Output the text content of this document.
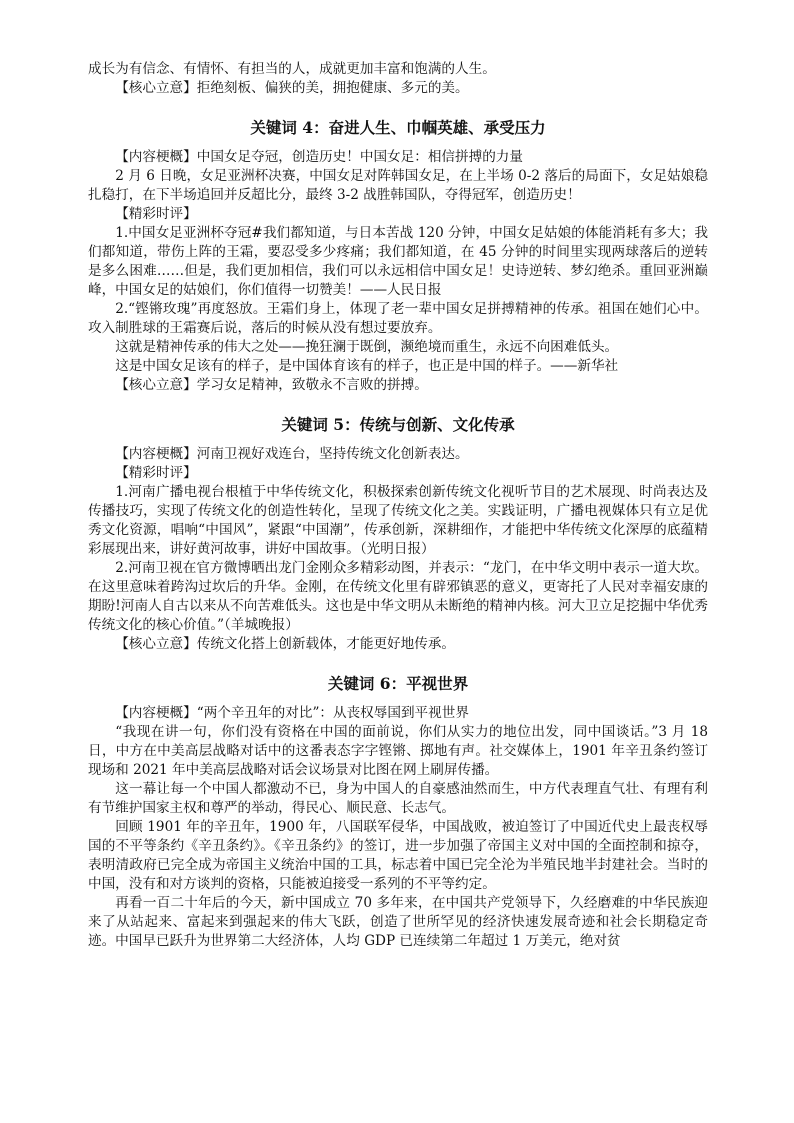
成长为有信念、有情怀、有担当的人，成就更加丰富和饱满的人生。

【核心立意】拒绝刻板、偏狭的美，拥抱健康、多元的美。

关键词 4：奋进人生、巾帼英雄、承受压力

【内容梗概】中国女足夺冠，创造历史！中国女足：相信拼搏的力量

2 月 6 日晚，女足亚洲杯决赛，中国女足对阵韩国女足，在上半场 0-2 落后的局面下，女足姑娘稳扎稳打，在下半场追回并反超比分，最终 3-2 战胜韩国队，夺得冠军，创造历史！

【精彩时评】

1.中国女足亚洲杯夺冠#我们都知道，与日本苦战 120 分钟，中国女足姑娘的体能消耗有多大；我们都知道，带伤上阵的王霜，要忍受多少疼痛；我们都知道，在 45 分钟的时间里实现两球落后的逆转是多么困难……但是，我们更加相信，我们可以永远相信中国女足！史诗逆转、梦幻绝杀。重回亚洲巅峰，中国女足的姑娘们，你们值得一切赞美！——人民日报

2.“铿锵玫瑰”再度怒放。王霜们身上，体现了老一辈中国女足拼搏精神的传承。祖国在她们心中。攻入制胜球的王霜赛后说，落后的时候从没有想过要放弃。

这就是精神传承的伟大之处——挽狂澜于既倒，濒绝境而重生，永远不向困难低头。

这是中国女足该有的样子，是中国体育该有的样子，也正是中国的样子。——新华社

【核心立意】学习女足精神，致敬永不言败的拼搏。

关键词 5：传统与创新、文化传承

【内容梗概】河南卫视好戏连台，坚持传统文化创新表达。

【精彩时评】

1.河南广播电视台根植于中华传统文化，积极探索创新传统文化视听节目的艺术展现、时尚表达及传播技巧，实现了传统文化的创造性转化，呈现了传统文化之美。实践证明，广播电视媒体只有立足优秀文化资源，唱响“中国风”，紧跟“中国潮”，传承创新，深耕细作，才能把中华传统文化深厚的底蕴精彩展现出来，讲好黄河故事，讲好中国故事。（光明日报）

2.河南卫视在官方微博晒出龙门金刚众多精彩动图，并表示：“龙门，在中华文明中表示一道大坎。在这里意味着跨沟过坎后的升华。金刚，在传统文化里有辟邪镇恶的意义，更寄托了人民对幸福安康的期盼!河南人自古以来从不向苦难低头。这也是中华文明从未断绝的精神内核。河大卫立足挖掘中华优秀传统文化的核心价值。”（羊城晚报）

【核心立意】传统文化搭上创新载体，才能更好地传承。

关键词 6：平视世界

【内容梗概】“两个辛丑年的对比”：从丧权辱国到平视世界

“我现在讲一句，你们没有资格在中国的面前说，你们从实力的地位出发，同中国谈话。”3 月 18 日，中方在中美高层战略对话中的这番表态字字铿锵、掷地有声。社交媒体上，1901 年辛丑条约签订现场和 2021 年中美高层战略对话会议场景对比图在网上刷屏传播。

这一幕让每一个中国人都激动不已，身为中国人的自豪感油然而生，中方代表理直气壮、有理有利有节维护国家主权和尊严的举动，得民心、顺民意、长志气。

回顾 1901 年的辛丑年，1900 年，八国联军侵华，中国战败，被迫签订了中国近代史上最丧权辱国的不平等条约《辛丑条约》。《辛丑条约》的签订，进一步加强了帝国主义对中国的全面控制和掠夺， 表明清政府已完全成为帝国主义统治中国的工具，标志着中国已完全沦为半殖民地半封建社会。当时的中国，没有和对方谈判的资格，只能被迫接受一系列的不平等约定。

再看一百二十年后的今天，新中国成立 70 多年来，在中国共产党领导下，久经磨难的中华民族迎来了从站起来、富起来到强起来的伟大飞跃，创造了世所罕见的经济快速发展奇迹和社会长期稳定奇迹。中国早已跃升为世界第二大经济体，人均 GDP 已连续第二年超过 1 万美元，绝对贫
